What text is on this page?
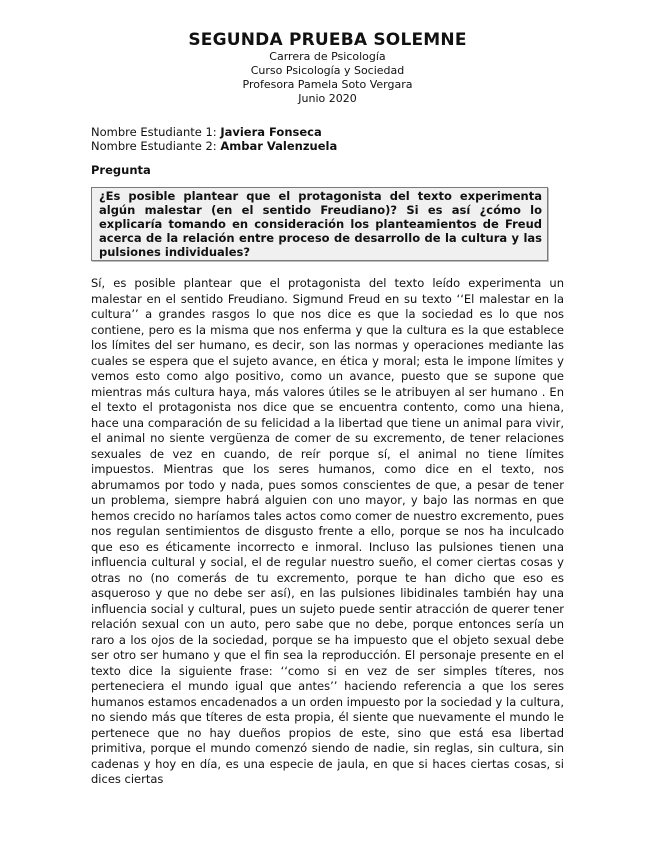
SEGUNDA PRUEBA SOLEMNE

Carrera de Psicología

Curso Psicología y Sociedad

Profesora Pamela Soto Vergara

Junio 2020

Nombre Estudiante 1: Javiera Fonseca
Nombre Estudiante 2: Ambar Valenzuela
Pregunta
¿Es posible plantear que el protagonista del texto experimenta algún malestar (en el sentido Freudiano)? Si es así ¿cómo lo explicaría tomando en consideración los planteamientos de Freud acerca de la relación entre proceso de desarrollo de la cultura y las pulsiones individuales?
Sí, es posible plantear que el protagonista del texto leído experimenta un malestar en el sentido Freudiano. Sigmund Freud en su texto ‘‘El malestar en la cultura’’ a grandes rasgos lo que nos dice es que la sociedad es lo que nos contiene, pero es la misma que nos enferma y que la cultura es la que establece los límites del ser humano, es decir, son las normas y operaciones mediante las cuales se espera que el sujeto avance, en ética y moral; esta le impone límites y vemos esto como algo positivo, como un avance, puesto que se supone que mientras más cultura haya, más valores útiles se le atribuyen al ser humano . En el texto el protagonista nos dice que se encuentra contento, como una hiena, hace una comparación de su felicidad a la libertad que tiene un animal para vivir, el animal no siente vergüenza de comer de su excremento, de tener relaciones sexuales de vez en cuando, de reír porque sí, el animal no tiene límites impuestos. Mientras que los seres humanos, como dice en el texto, nos abrumamos por todo y nada, pues somos conscientes de que, a pesar de tener un problema, siempre habrá alguien con uno mayor, y bajo las normas en que hemos crecido no haríamos tales actos como comer de nuestro excremento, pues nos regulan sentimientos de disgusto frente a ello, porque se nos ha inculcado que eso es éticamente incorrecto e inmoral. Incluso las pulsiones tienen una influencia cultural y social, el de regular nuestro sueño, el comer ciertas cosas y otras no (no comerás de tu excremento, porque te han dicho que eso es asqueroso y que no debe ser así), en las pulsiones libidinales también hay una influencia social y cultural, pues un sujeto puede sentir atracción de querer tener relación sexual con un auto, pero sabe que no debe, porque entonces sería un raro a los ojos de la sociedad, porque se ha impuesto que el objeto sexual debe ser otro ser humano y que el fin sea la reproducción. El personaje presente en el texto dice la siguiente frase: ‘‘como si en vez de ser simples títeres, nos perteneciera el mundo igual que antes’’ haciendo referencia a que los seres humanos estamos encadenados a un orden impuesto por la sociedad y la cultura, no siendo más que títeres de esta propia, él siente que nuevamente el mundo le pertenece que no hay dueños propios de este, sino que está esa libertad primitiva, porque el mundo comenzó siendo de nadie, sin reglas, sin cultura, sin cadenas y hoy en día, es una especie de jaula, en que si haces ciertas cosas, si dices ciertas
